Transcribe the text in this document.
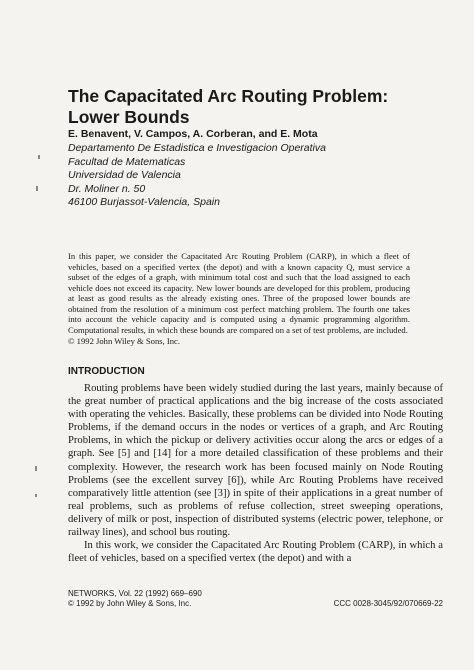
The Capacitated Arc Routing Problem:
Lower Bounds

E. Benavent, V. Campos, A. Corberan, and E. Mota

Departamento De Estadistica e Investigacion Operativa
Facultad de Matematicas
Universidad de Valencia
Dr. Moliner n. 50
46100 Burjassot-Valencia, Spain

In this paper, we consider the Capacitated Arc Routing Problem (CARP), in which a fleet of vehicles, based on a specified vertex (the depot) and with a known capacity Q, must service a subset of the edges of a graph, with minimum total cost and such that the load assigned to each vehicle does not exceed its capacity. New lower bounds are developed for this problem, producing at least as good results as the already existing ones. Three of the proposed lower bounds are obtained from the resolution of a minimum cost perfect matching problem. The fourth one takes into account the vehicle capacity and is computed using a dynamic programming algorithm. Computational results, in which these bounds are compared on a set of test problems, are included.

© 1992 John Wiley & Sons, Inc.

INTRODUCTION

Routing problems have been widely studied during the last years, mainly because of the great number of practical applications and the big increase of the costs associated with operating the vehicles. Basically, these problems can be divided into Node Routing Problems, if the demand occurs in the nodes or vertices of a graph, and Arc Routing Problems, in which the pickup or delivery activities occur along the arcs or edges of a graph. See [5] and [14] for a more detailed classification of these problems and their complexity. However, the research work has been focused mainly on Node Routing Problems (see the excellent survey [6]), while Arc Routing Problems have received comparatively little attention (see [3]) in spite of their applications in a great number of real problems, such as problems of refuse collection, street sweeping operations, delivery of milk or post, inspection of distributed systems (electric power, telephone, or railway lines), and school bus routing.

In this work, we consider the Capacitated Arc Routing Problem (CARP), in which a fleet of vehicles, based on a specified vertex (the depot) and with a

NETWORKS, Vol. 22 (1992) 669–690
© 1992 by John Wiley & Sons, Inc.	CCC 0028-3045/92/070669-22
